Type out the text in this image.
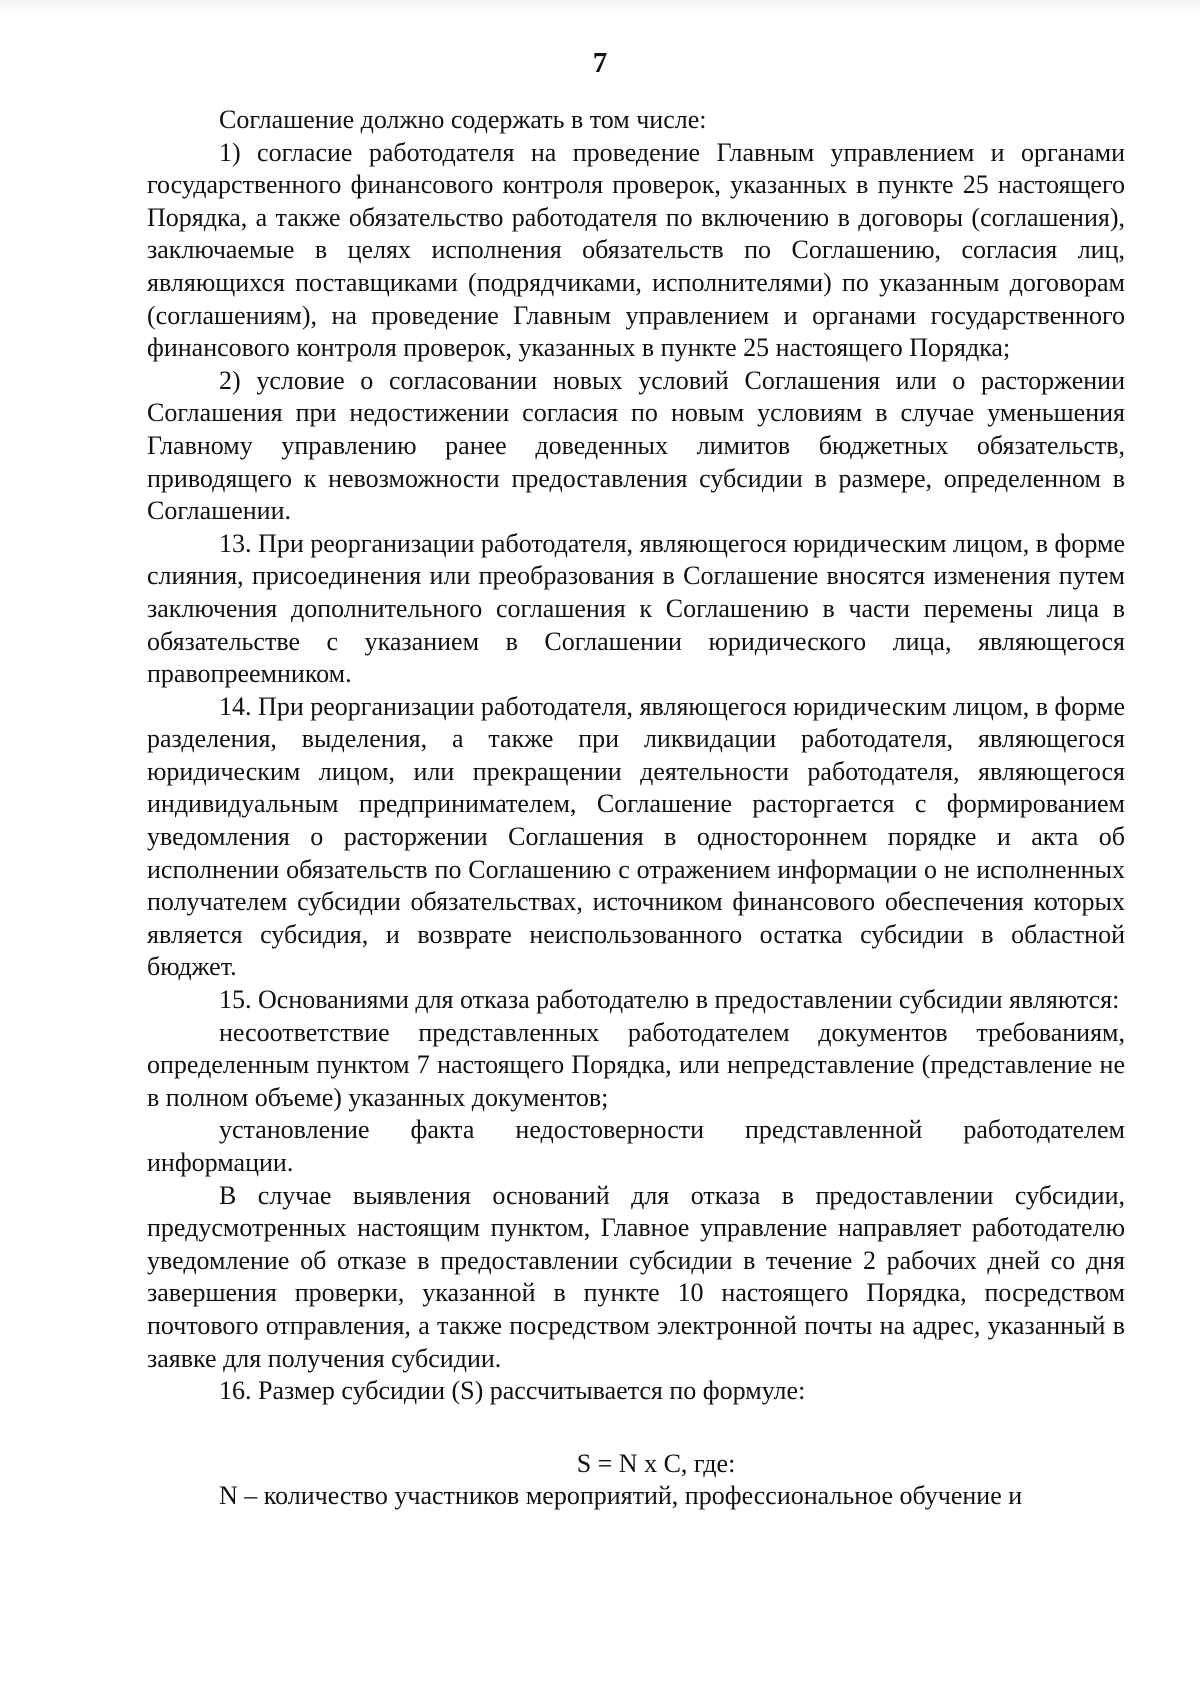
7

Соглашение должно содержать в том числе:

1) согласие работодателя на проведение Главным управлением и органами государственного финансового контроля проверок, указанных в пункте 25 настоящего Порядка, а также обязательство работодателя по включению в договоры (соглашения), заключаемые в целях исполнения обязательств по Соглашению, согласия лиц, являющихся поставщиками (подрядчиками, исполнителями) по указанным договорам (соглашениям), на проведение Главным управлением и органами государственного финансового контроля проверок, указанных в пункте 25 настоящего Порядка;

2) условие о согласовании новых условий Соглашения или о расторжении Соглашения при недостижении согласия по новым условиям в случае уменьшения Главному управлению ранее доведенных лимитов бюджетных обязательств, приводящего к невозможности предоставления субсидии в размере, определенном в Соглашении.

13. При реорганизации работодателя, являющегося юридическим лицом, в форме слияния, присоединения или преобразования в Соглашение вносятся изменения путем заключения дополнительного соглашения к Соглашению в части перемены лица в обязательстве с указанием в Соглашении юридического лица, являющегося правопреемником.

14. При реорганизации работодателя, являющегося юридическим лицом, в форме разделения, выделения, а также при ликвидации работодателя, являющегося юридическим лицом, или прекращении деятельности работодателя, являющегося индивидуальным предпринимателем, Соглашение расторгается с формированием уведомления о расторжении Соглашения в одностороннем порядке и акта об исполнении обязательств по Соглашению с отражением информации о не исполненных получателем субсидии обязательствах, источником финансового обеспечения которых является субсидия, и возврате неиспользованного остатка субсидии в областной бюджет.

15. Основаниями для отказа работодателю в предоставлении субсидии являются:

несоответствие представленных работодателем документов требованиям, определенным пунктом 7 настоящего Порядка, или непредставление (представление не в полном объеме) указанных документов;

установление факта недостоверности представленной работодателем информации.

В случае выявления оснований для отказа в предоставлении субсидии, предусмотренных настоящим пунктом, Главное управление направляет работодателю уведомление об отказе в предоставлении субсидии в течение 2 рабочих дней со дня завершения проверки, указанной в пункте 10 настоящего Порядка, посредством почтового отправления, а также посредством электронной почты на адрес, указанный в заявке для получения субсидии.

16. Размер субсидии (S) рассчитывается по формуле:

S = N x C, где:

N – количество участников мероприятий, профессиональное обучение и
